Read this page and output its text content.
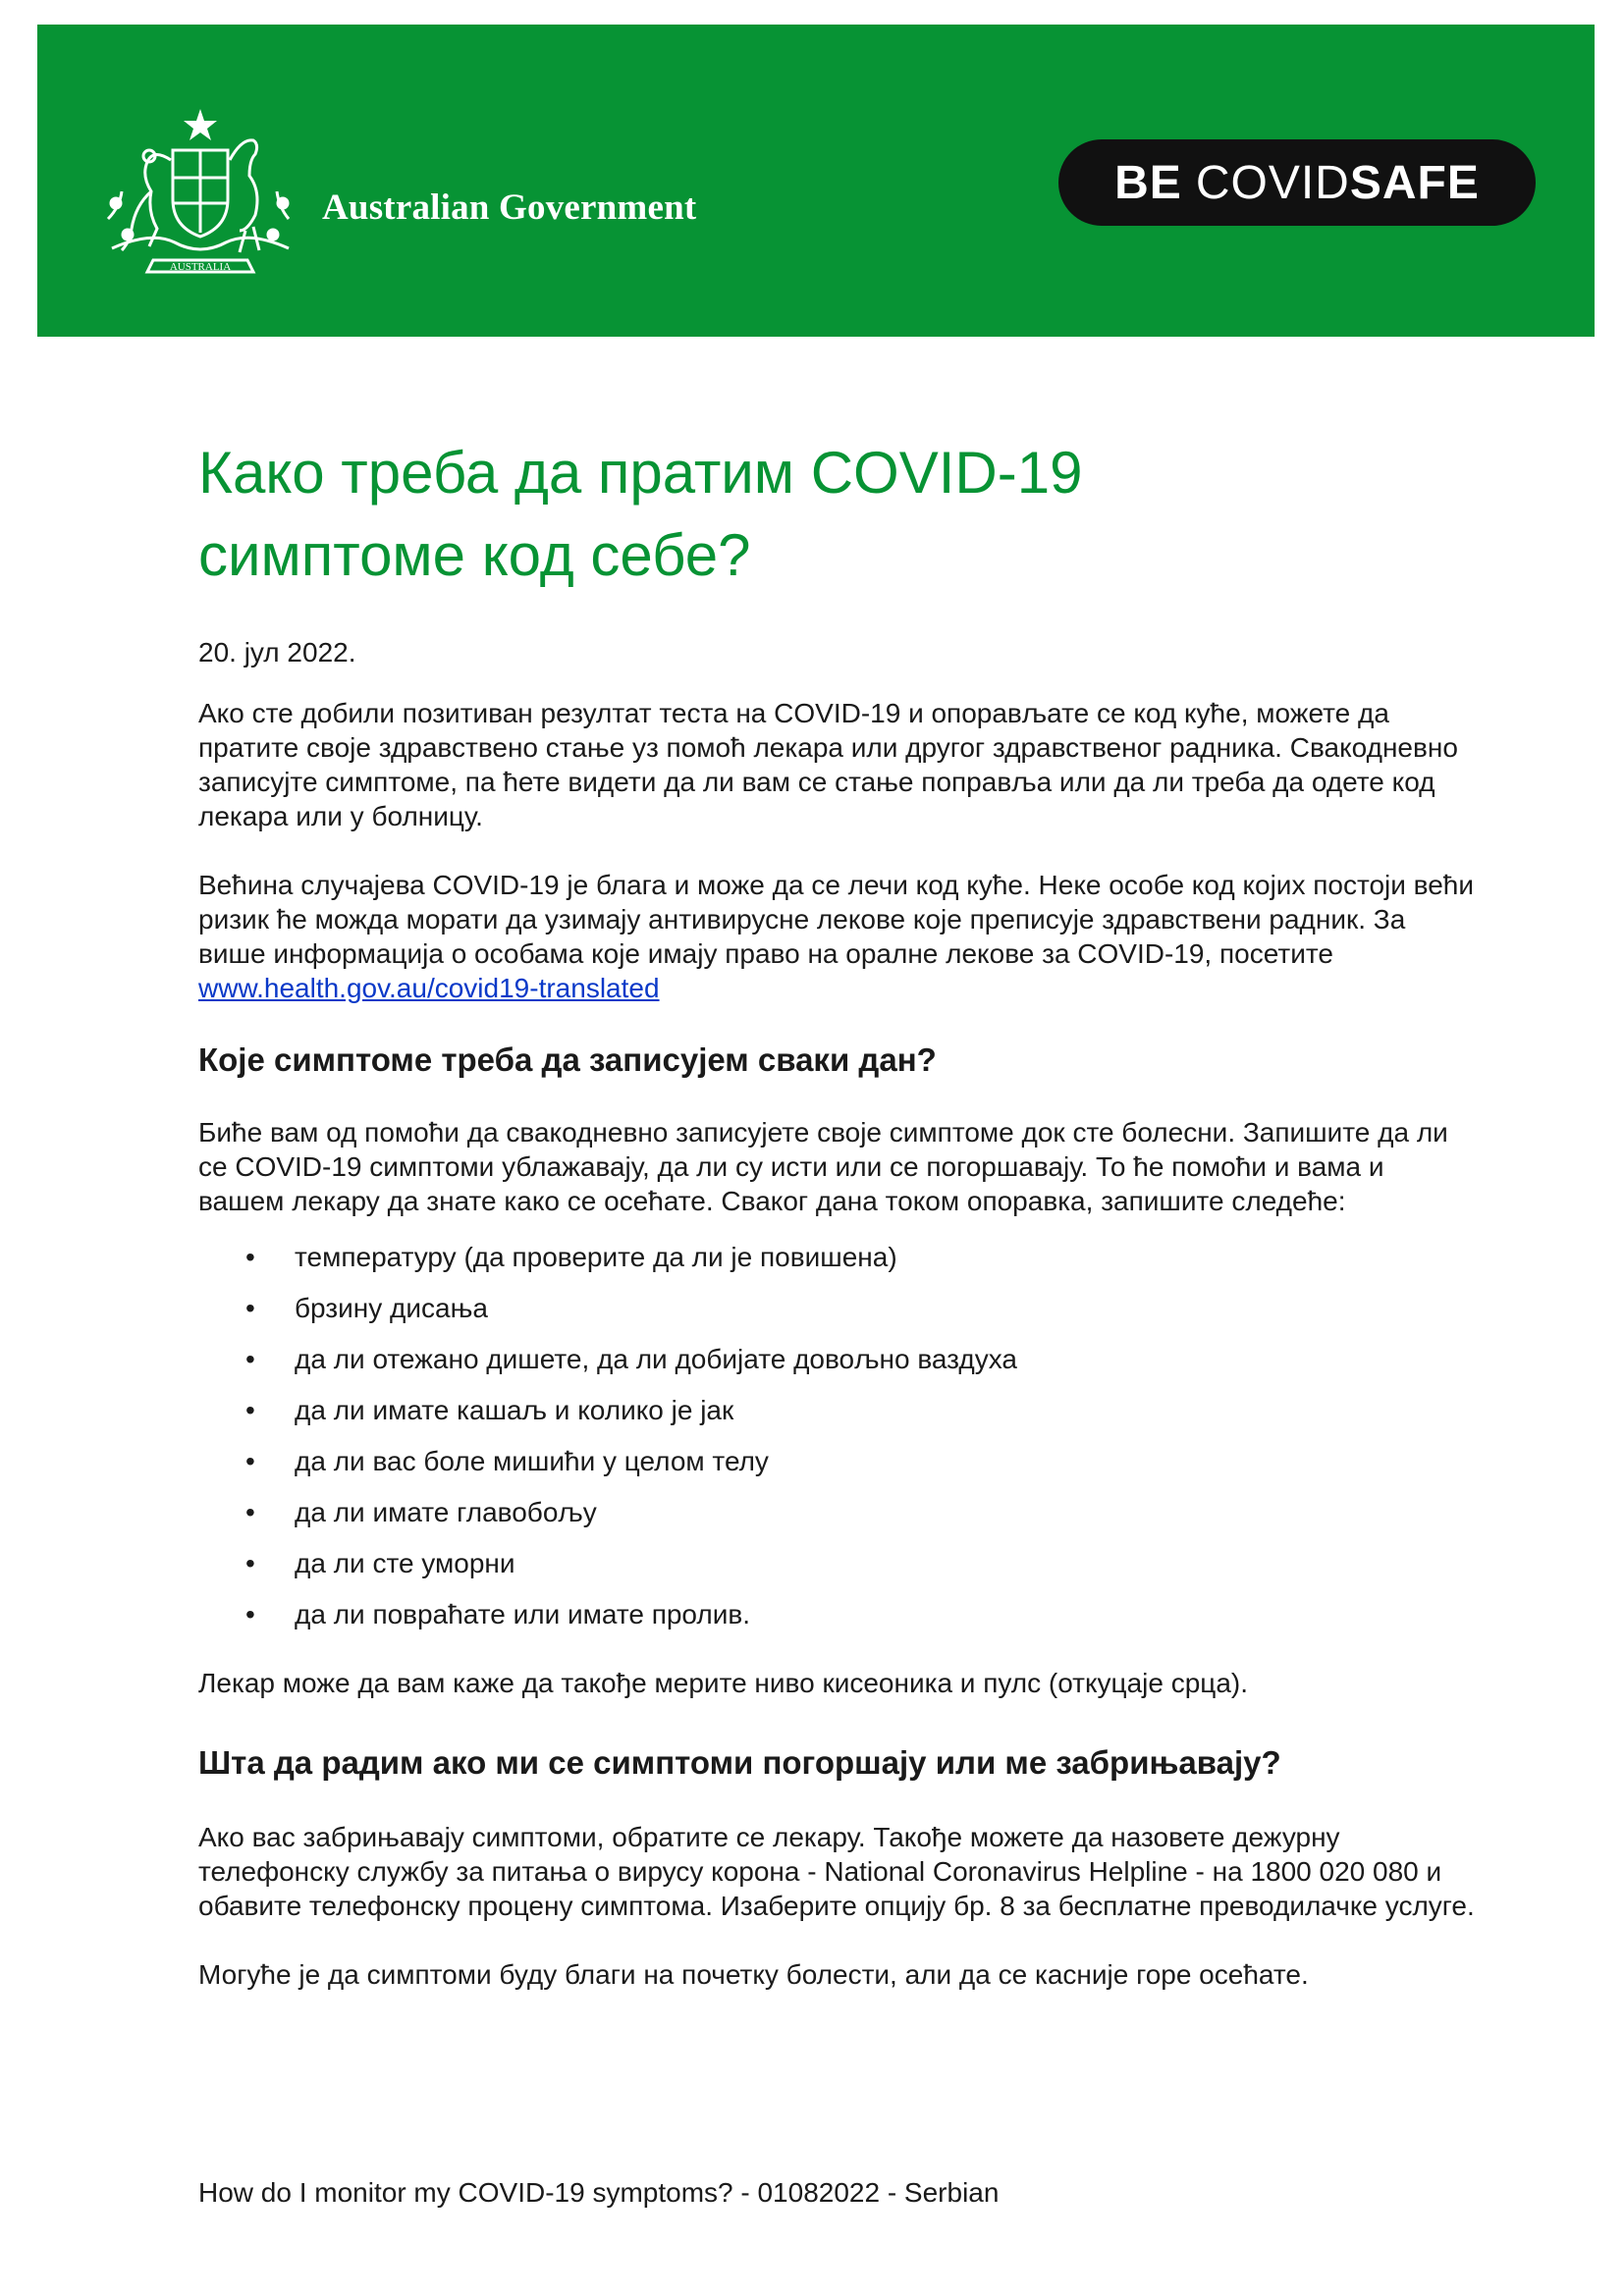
AUSTRALIA
Australian Government	BE COVID SAFE
Како треба да пратим COVID-19
симптоме код себе?
20. јул 2022.

Ако сте добили позитиван резултат теста на COVID-19 и опорављате се код куће, можете да пратите своје здравствено стање уз помоћ лекара или другог здравственог радника. Свакодневно записујте симптоме, па ћете видети да ли вам се стање поправља или да ли треба да одете код лекара или у болницу.

Већина случајева COVID-19 је блага и може да се лечи код куће. Неке особе код којих постоји већи ризик ће можда морати да узимају антивирусне лекове које преписује здравствени радник. За више информација о особама које имају право на оралне лекове за COVID-19, посетите www.health.gov.au/covid19-translated

Које симптоме треба да записујем сваки дан?

Биће вам од помоћи да свакодневно записујете своје симптоме док сте болесни. Запишите да ли се COVID-19 симптоми ублажавају, да ли су исти или се погоршавају. То ће помоћи и вама и вашем лекару да знате како се осећате. Сваког дана током опоравка, запишите следеће:

• температуру (да проверите да ли је повишена)
• брзину дисања
• да ли отежано дишете, да ли добијате довољно ваздуха
• да ли имате кашаљ и колико је јак
• да ли вас боле мишићи у целом телу
• да ли имате главобољу
• да ли сте уморни
• да ли повраћате или имате пролив.

Лекар може да вам каже да такође мерите ниво кисеоника и пулс (откуцаје срца).

Шта да радим ако ми се симптоми погоршају или ме забрињавају?

Ако вас забрињавају симптоми, обратите се лекару. Такође можете да назовете дежурну телефонску службу за питања о вирусу корона - National Coronavirus Helpline - на 1800 020 080 и обавите телефонску процену симптома. Изаберите опцију бр. 8 за бесплатне преводилачке услуге.

Могуће је да симптоми буду благи на почетку болести, али да се касније горе осећате.

How do I monitor my COVID-19 symptoms? - 01082022 - Serbian
